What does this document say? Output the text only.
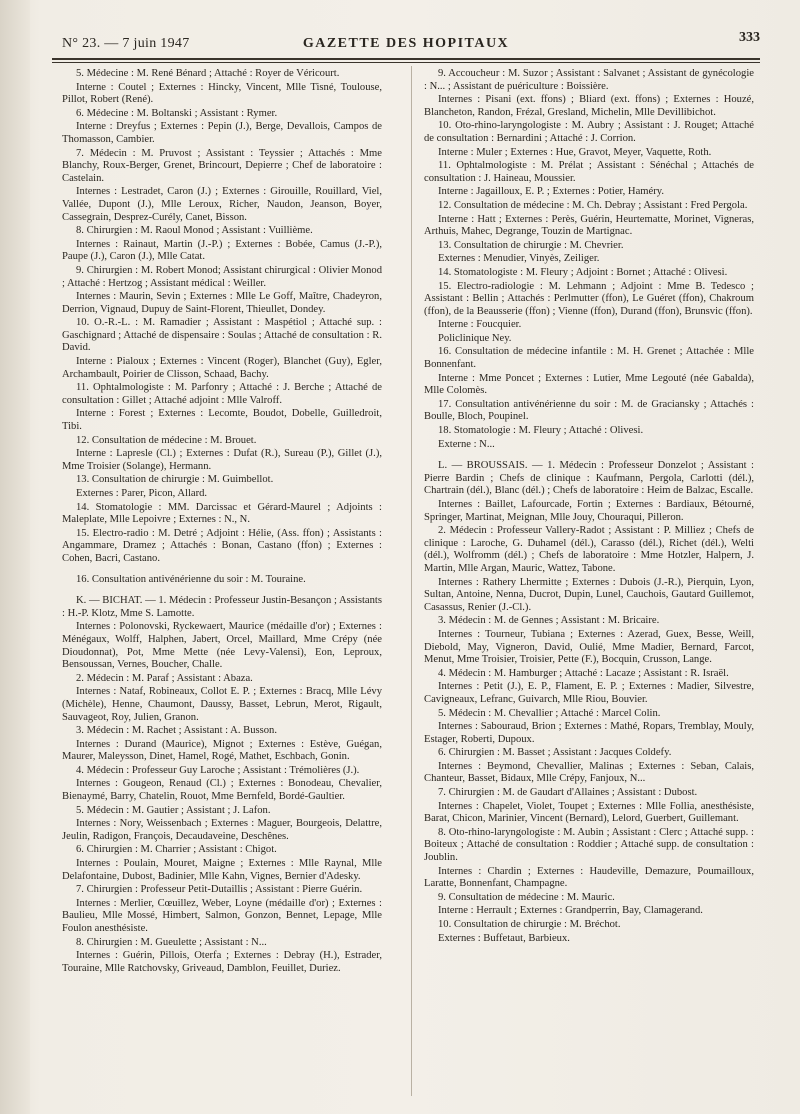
N° 23. — 7 juin 1947	GAZETTE DES HOPITAUX	333

5. Médecine : M. René Bénard ; Attaché : Royer de Véricourt.

Interne : Coutel ; Externes : Hincky, Vincent, Mlle Tisné, Toulouse, Pillot, Robert (René).

6. Médecine : M. Boltanski ; Assistant : Rymer.

Interne : Dreyfus ; Externes : Pepin (J.), Berge, Devallois, Campos de Thomasson, Cambier.

7. Médecin : M. Pruvost ; Assistant : Teyssier ; Attachés : Mme Blanchy, Roux-Berger, Grenet, Brincourt, Depierre ; Chef de laboratoire : Castelain.

Internes : Lestradet, Caron (J.) ; Externes : Girouille, Rouillard, Viel, Vallée, Dupont (J.), Mlle Leroux, Richer, Naudon, Jeanson, Boyer, Cassegrain, Desprez-Curély, Canet, Bisson.

8. Chirurgien : M. Raoul Monod ; Assistant : Vuillième.

Internes : Rainaut, Martin (J.-P.) ; Externes : Bobée, Camus (J.-P.), Paupe (J.), Caron (J.), Mlle Catat.

9. Chirurgien : M. Robert Monod; Assistant chirurgical : Olivier Monod ; Attaché : Hertzog ; Assistant médical : Weiller.

Internes : Maurin, Sevin ; Externes : Mlle Le Goff, Maître, Chadeyron, Derrion, Vignaud, Dupuy de Saint-Florent, Thieullet, Dondey.

10. O.-R.-L. : M. Ramadier ; Assistant : Maspétiol ; Attaché sup. : Gaschignard ; Attaché de dispensaire : Soulas ; Attaché de consultation : R. David.

Interne : Pialoux ; Externes : Vincent (Roger), Blanchet (Guy), Egler, Archambault, Poirier de Clisson, Schaad, Bachy.

11. Ophtalmologiste : M. Parfonry ; Attaché : J. Berche ; Attaché de consultation : Gillet ; Attaché adjoint : Mlle Valroff.

Interne : Forest ; Externes : Lecomte, Boudot, Dobelle, Guilledroit, Tibi.

12. Consultation de médecine : M. Brouet.

Interne : Lapresle (Cl.) ; Externes : Dufat (R.), Sureau (P.), Gillet (J.), Mme Troisier (Solange), Hermann.

13. Consultation de chirurgie : M. Guimbellot.

Externes : Parer, Picon, Allard.

14. Stomatologie : MM. Darcissac et Gérard-Maurel ; Adjoints : Maleplate, Mlle Lepoivre ; Externes : N., N.

15. Electro-radio : M. Detré ; Adjoint : Hélie, (Ass. ffon) ; Assistants : Angammare, Dramez ; Attachés : Bonan, Castano (ffon) ; Externes : Cohen, Bacri, Castano.

16. Consultation antivénérienne du soir : M. Touraine.

K. — BICHAT. — 1. Médecin : Professeur Justin-Besançon ; Assistants : H.-P. Klotz, Mme S. Lamotte.

Internes : Polonovski, Ryckewaert, Maurice (médaille d'or) ; Externes : Ménégaux, Wolff, Halphen, Jabert, Orcel, Maillard, Mme Crépy (née Dioudonnat), Pot, Mme Mette (née Levy-Valensi), Eon, Leproux, Bensoussan, Vernes, Boucher, Challe.

2. Médecin : M. Paraf ; Assistant : Abaza.

Internes : Nataf, Robineaux, Collot E. P. ; Externes : Bracq, Mlle Lévy (Michèle), Henne, Chaumont, Daussy, Basset, Lebrun, Merot, Rigault, Sauvageot, Roy, Julien, Granon.

3. Médecin : M. Rachet ; Assistant : A. Busson.

Internes : Durand (Maurice), Mignot ; Externes : Estève, Guégan, Maurer, Maleysson, Dinet, Hamel, Rogé, Mathet, Eschbach, Gonin.

4. Médecin : Professeur Guy Laroche ; Assistant : Trémolières (J.).

Internes : Gougeon, Renaud (Cl.) ; Externes : Bonodeau, Chevalier, Bienaymé, Barry, Chatelin, Rouot, Mme Bernfeld, Bordé-Gaultier.

5. Médecin : M. Gautier ; Assistant ; J. Lafon.

Internes : Nory, Weissenbach ; Externes : Maguer, Bourgeois, Delattre, Jeulin, Radigon, François, Decaudaveine, Deschênes.

6. Chirurgien : M. Charrier ; Assistant : Chigot.

Internes : Poulain, Mouret, Maigne ; Externes : Mlle Raynal, Mlle Delafontaine, Dubost, Badinier, Mlle Kahn, Vignes, Bernier d'Adesky.

7. Chirurgien : Professeur Petit-Dutaillis ; Assistant : Pierre Guérin.

Internes : Merlier, Cœuillez, Weber, Loyne (médaille d'or) ; Externes : Baulieu, Mlle Mossé, Himbert, Salmon, Gonzon, Bennet, Lepage, Mlle Foulon anesthésiste.

8. Chirurgien : M. Gueulette ; Assistant : N...

Internes : Guérin, Pillois, Oterfa ; Externes : Debray (H.), Estrader, Touraine, Mlle Ratchovsky, Griveaud, Damblon, Feuillet, Duriez.

9. Accoucheur : M. Suzor ; Assistant : Salvanet ; Assistant de gynécologie : N... ; Assistant de puériculture : Boissière.

Internes : Pisani (ext. ffons) ; Bliard (ext. ffons) ; Externes : Houzé, Blancheton, Randon, Frézal, Gresland, Michelin, Mlle Devillibichot.

10. Oto-rhino-laryngologiste : M. Aubry ; Assistant : J. Rouget; Attaché de consultation : Bernardini ; Attaché : J. Corrion.

Interne : Muler ; Externes : Hue, Gravot, Meyer, Vaquette, Roth.

11. Ophtalmologiste : M. Prélat ; Assistant : Sénéchal ; Attachés de consultation : J. Haineau, Moussier.

Interne : Jagailloux, E. P. ; Externes : Potier, Haméry.

12. Consultation de médecine : M. Ch. Debray ; Assistant : Fred Pergola.

Interne : Hatt ; Externes : Perès, Guérin, Heurtematte, Morinet, Vigneras, Arthuis, Mahec, Degrange, Touzin de Martignac.

13. Consultation de chirurgie : M. Chevrier.

Externes : Menudier, Vinyès, Zeiliger.

14. Stomatologiste : M. Fleury ; Adjoint : Bornet ; Attaché : Olivesi.

15. Electro-radiologie : M. Lehmann ; Adjoint : Mme B. Tedesco ; Assistant : Bellin ; Attachés : Perlmutter (ffon), Le Guéret (ffon), Chakroum (ffon), de la Beausserie (ffon) ; Vienne (ffon), Durand (ffon), Brunsvic (ffon).

Interne : Foucquier.

Policlinique Ney.

16. Consultation de médecine infantile : M. H. Grenet ; Attachée : Mlle Bonnenfant.

Interne : Mme Poncet ; Externes : Lutier, Mme Legouté (née Gabalda), Mlle Colomès.

17. Consultation antivénérienne du soir : M. de Graciansky ; Attachés : Boulle, Bloch, Poupinel.

18. Stomatologie : M. Fleury ; Attaché : Olivesi.

Externe : N...

L. — BROUSSAIS. — 1. Médecin : Professeur Donzelot ; Assistant : Pierre Bardin ; Chefs de clinique : Kaufmann, Pergola, Carlotti (dél.), Chartrain (dél.), Blanc (dél.) ; Chefs de laboratoire : Heim de Balzac, Escalle.

Internes : Baillet, Lafourcade, Fortin ; Externes : Bardiaux, Bétourné, Springer, Martinat, Meignan, Mlle Jouy, Chouraqui, Pilleron.

2. Médecin : Professeur Vallery-Radot ; Assistant : P. Milliez ; Chefs de clinique : Laroche, G. Duhamel (dél.), Carasso (dél.), Richet (dél.), Welti (dél.), Wolfromm (dél.) ; Chefs de laboratoire : Mme Hotzler, Halpern, J. Martin, Mlle Argan, Mauric, Wattez, Tabone.

Internes : Rathery Lhermitte ; Externes : Dubois (J.-R.), Pierquin, Lyon, Sultan, Antoine, Nenna, Ducrot, Dupin, Lunel, Cauchois, Gautard Guillemot, Casassus, Renier (J.-Cl.).

3. Médecin : M. de Gennes ; Assistant : M. Bricaire.

Internes : Tourneur, Tubiana ; Externes : Azerad, Guex, Besse, Weill, Diebold, May, Vigneron, David, Oulié, Mme Madier, Bernard, Farcot, Menut, Mme Troisier, Troisier, Pette (F.), Bocquin, Crusson, Lange.

4. Médecin : M. Hamburger ; Attaché : Lacaze ; Assistant : R. Israël.

Internes : Petit (J.), E. P., Flament, E. P. ; Externes : Madier, Silvestre, Cavigneaux, Lefranc, Guivarch, Mlle Riou, Bouvier.

5. Médecin : M. Chevallier ; Attaché : Marcel Colin.

Internes : Sabouraud, Brion ; Externes : Mathé, Ropars, Tremblay, Mouly, Estager, Roberti, Dupoux.

6. Chirurgien : M. Basset ; Assistant : Jacques Coldefy.

Internes : Beymond, Chevallier, Malinas ; Externes : Seban, Calais, Chanteur, Basset, Bidaux, Mlle Crépy, Fanjoux, N...

7. Chirurgien : M. de Gaudart d'Allaines ; Assistant : Dubost.

Internes : Chapelet, Violet, Toupet ; Externes : Mlle Follia, anesthésiste, Barat, Chicon, Marinier, Vincent (Bernard), Lelord, Guerbert, Guillemant.

8. Oto-rhino-laryngologiste : M. Aubin ; Assistant : Clerc ; Attaché supp. : Boiteux ; Attaché de consultation : Roddier ; Attaché supp. de consultation : Joublin.

Internes : Chardin ; Externes : Haudeville, Demazure, Poumailloux, Laratte, Bonnenfant, Champagne.

9. Consultation de médecine : M. Mauric.

Interne : Herrault ; Externes : Grandperrin, Bay, Clamagerand.

10. Consultation de chirurgie : M. Bréchot.

Externes : Buffetaut, Barbieux.
